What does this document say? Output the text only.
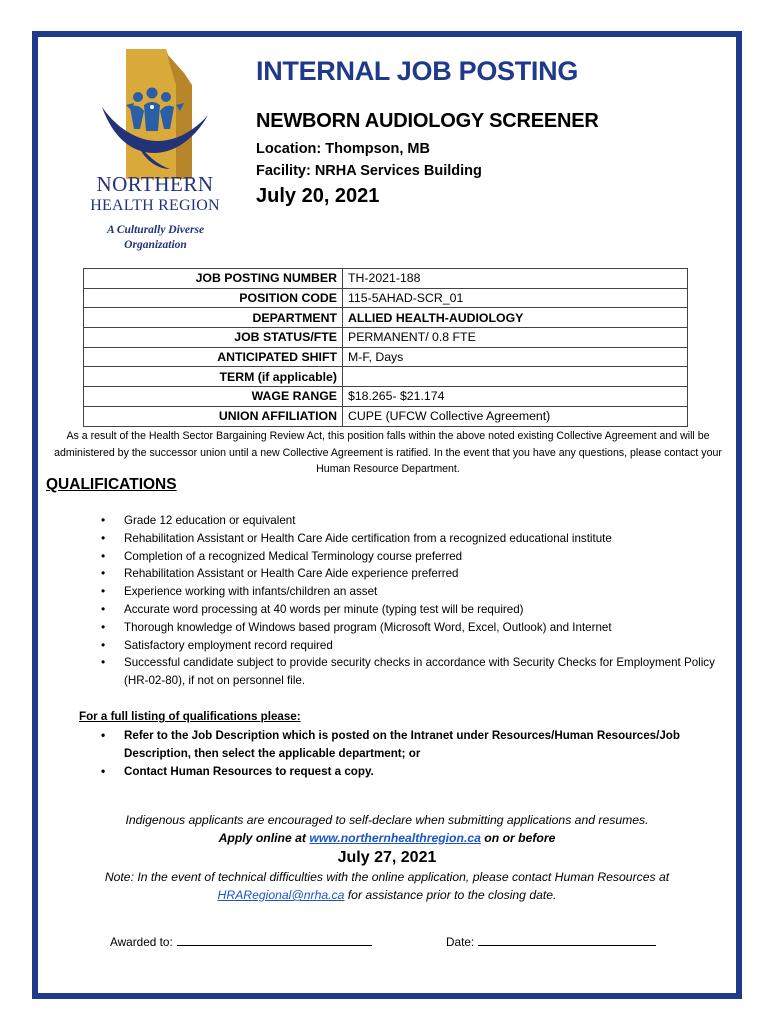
NORTHERN
HEALTH REGION
A Culturally Diverse
Organization
INTERNAL JOB POSTING
NEWBORN AUDIOLOGY SCREENER
Location: Thompson, MB
Facility: NRHA Services Building
July 20, 2021
JOB POSTING NUMBER	TH-2021-188
POSITION CODE	115-5AHAD-SCR_01
DEPARTMENT	ALLIED HEALTH-AUDIOLOGY
JOB STATUS/FTE	PERMANENT/ 0.8 FTE
ANTICIPATED SHIFT	M-F, Days
TERM (if applicable)	
WAGE RANGE	$18.265- $21.174
UNION AFFILIATION	CUPE (UFCW Collective Agreement)
As a result of the Health Sector Bargaining Review Act, this position falls within the above noted existing Collective Agreement and will be administered by the successor union until a new Collective Agreement is ratified. In the event that you have any questions, please contact your Human Resource Department.
QUALIFICATIONS
• Grade 12 education or equivalent
• Rehabilitation Assistant or Health Care Aide certification from a recognized educational institute
• Completion of a recognized Medical Terminology course preferred
• Rehabilitation Assistant or Health Care Aide experience preferred
• Experience working with infants/children an asset
• Accurate word processing at 40 words per minute (typing test will be required)
• Thorough knowledge of Windows based program (Microsoft Word, Excel, Outlook) and Internet
• Satisfactory employment record required
• Successful candidate subject to provide security checks in accordance with Security Checks for Employment Policy (HR-02-80), if not on personnel file.
For a full listing of qualifications please:
• Refer to the Job Description which is posted on the Intranet under Resources/Human Resources/Job Description, then select the applicable department; or
• Contact Human Resources to request a copy.
Indigenous applicants are encouraged to self-declare when submitting applications and resumes.
Apply online at www.northernhealthregion.ca on or before
July 27, 2021
Note: In the event of technical difficulties with the online application, please contact Human Resources at
HRARegional@nrha.ca for assistance prior to the closing date.
Awarded to:	Date:
